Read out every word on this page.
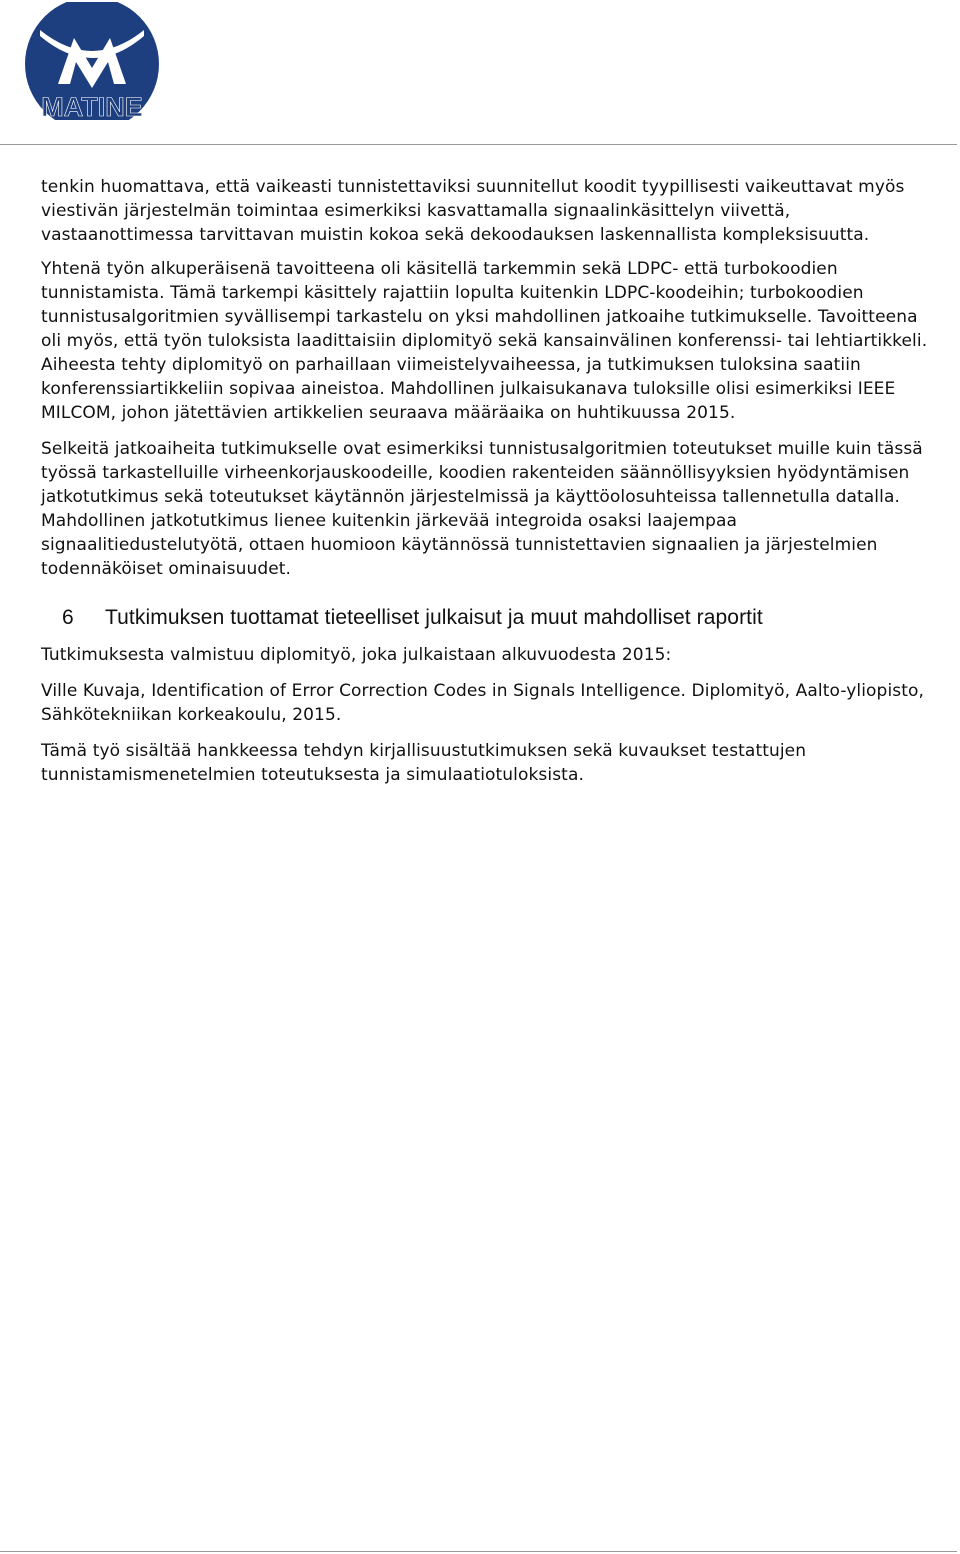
MATINE

tenkin huomattava, että vaikeasti tunnistettaviksi suunnitellut koodit tyypillisesti vaikeuttavat myös viestivän järjestelmän toimintaa esimerkiksi kasvattamalla signaalinkäsittelyn viivettä, vastaanottimessa tarvittavan muistin kokoa sekä dekoodauksen laskennallista kompleksisuutta.

Yhtenä työn alkuperäisenä tavoitteena oli käsitellä tarkemmin sekä LDPC- että turbokoodien tunnistamista. Tämä tarkempi käsittely rajattiin lopulta kuitenkin LDPC-koodeihin; turbokoodien tunnistusalgoritmien syvällisempi tarkastelu on yksi mahdollinen jatkoaihe tutkimukselle. Tavoitteena oli myös, että työn tuloksista laadittaisiin diplomityö sekä kansainvälinen konferenssi- tai lehtiartikkeli. Aiheesta tehty diplomityö on parhaillaan viimeistelyvaiheessa, ja tutkimuksen tuloksina saatiin konferenssiartikkeliin sopivaa aineistoa. Mahdollinen julkaisukanava tuloksille olisi esimerkiksi IEEE MILCOM, johon jätettävien artikkelien seuraava määräaika on huhtikuussa 2015.

Selkeitä jatkoaiheita tutkimukselle ovat esimerkiksi tunnistusalgoritmien toteutukset muille kuin tässä työssä tarkastelluille virheenkorjauskoodeille, koodien rakenteiden säännöllisyyksien hyödyntämisen jatkotutkimus sekä toteutukset käytännön järjestelmissä ja käyttöolosuhteissa tallennetulla datalla. Mahdollinen jatkotutkimus lienee kuitenkin järkevää integroida osaksi laajempaa signaalitiedustelutyötä, ottaen huomioon käytännössä tunnistettavien signaalien ja järjestelmien todennäköiset ominaisuudet.

6	Tutkimuksen tuottamat tieteelliset julkaisut ja muut mahdolliset raportit

Tutkimuksesta valmistuu diplomityö, joka julkaistaan alkuvuodesta 2015:

Ville Kuvaja, Identification of Error Correction Codes in Signals Intelligence. Diplomityö, Aalto-yliopisto, Sähkötekniikan korkeakoulu, 2015.

Tämä työ sisältää hankkeessa tehdyn kirjallisuustutkimuksen sekä kuvaukset testattujen tunnistamismenetelmien toteutuksesta ja simulaatiotuloksista.
